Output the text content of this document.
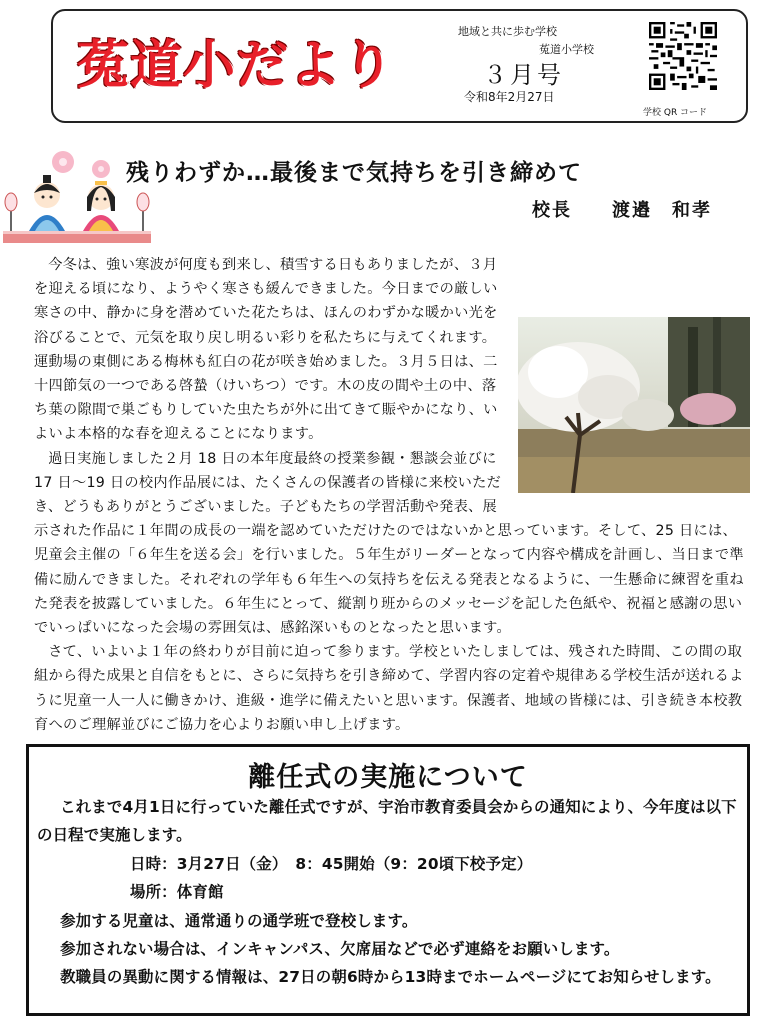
菟道小だより
地域と共に歩む学校
菟道小学校
３月号
令和8年2月27日
学校 QR コード
残りわずか…最後まで気持ちを引き締めて
校長　　 渡邉　和孝

今冬は、強い寒波が何度も到来し、積雪する日もありましたが、３月を迎える頃になり、ようやく寒さも緩んできました。今日までの厳しい寒さの中、静かに身を潜めていた花たちは、ほんのわずかな暖かい光を浴びることで、元気を取り戻し明るい彩りを私たちに与えてくれます。運動場の東側にある梅林も紅白の花が咲き始めました。３月５日は、二十四節気の一つである啓蟄（けいちつ）です。木の皮の間や土の中、落ち葉の隙間で巣ごもりしていた虫たちが外に出てきて賑やかになり、いよいよ本格的な春を迎えることになります。

過日実施しました２月 18 日の本年度最終の授業参観・懇談会並びに 17 日～19 日の校内作品展には、たくさんの保護者の皆様に来校いただき、どうもありがとうございました。子どもたちの学習活動や発表、展示された作品に１年間の成長の一端を認めていただけたのではないかと思っています。そして、25 日には、児童会主催の「６年生を送る会」を行いました。５年生がリーダーとなって内容や構成を計画し、当日まで準備に励んできました。それぞれの学年も６年生への気持ちを伝える発表となるように、一生懸命に練習を重ねた発表を披露していました。６年生にとって、縦割り班からのメッセージを記した色紙や、祝福と感謝の思いでいっぱいになった会場の雰囲気は、感銘深いものとなったと思います。

さて、いよいよ１年の終わりが目前に迫って参ります。学校といたしましては、残された時間、この間の取組から得た成果と自信をもとに、さらに気持ちを引き締めて、学習内容の定着や規律ある学校生活が送れるように児童一人一人に働きかけ、進級・進学に備えたいと思います。保護者、地域の皆様には、引き続き本校教育へのご理解並びにご協力を心よりお願い申し上げます。

離任式の実施について

これまで4月1日に行っていた離任式ですが、宇治市教育委員会からの通知により、今年度は以下の日程で実施します。

日時：3月27日（金）　8：45開始（9：20頃下校予定）

場所：体育館

参加する児童は、通常通りの通学班で登校します。

参加されない場合は、インキャンパス、欠席届などで必ず連絡をお願いします。

教職員の異動に関する情報は、27日の朝6時から13時までホームページにてお知らせします。
